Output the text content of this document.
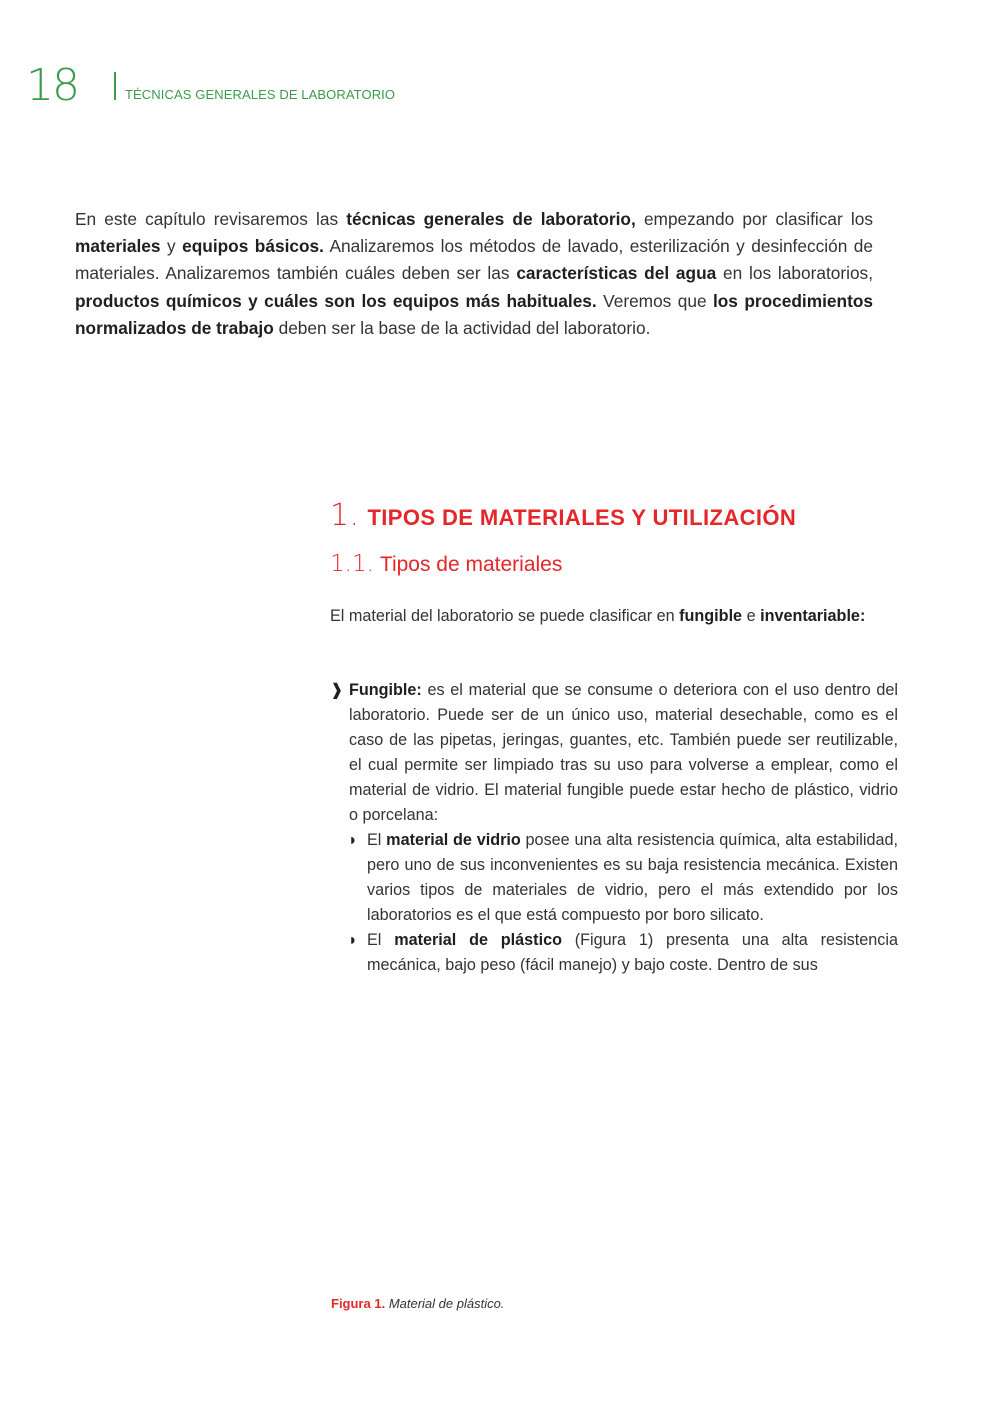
18	TÉCNICAS GENERALES DE LABORATORIO

En este capítulo revisaremos las técnicas generales de laboratorio, empezando por clasificar los materiales y equipos básicos. Analizaremos los métodos de lavado, esterilización y desinfección de materiales. Analizaremos también cuáles deben ser las características del agua en los laboratorios, productos químicos y cuáles son los equipos más habituales. Veremos que los procedimientos normalizados de trabajo deben ser la base de la actividad del laboratorio.

1. TIPOS DE MATERIALES Y UTILIZACIÓN
1.1. Tipos de materiales

El material del laboratorio se puede clasificar en fungible e inventariable:

❱ Fungible: es el material que se consume o deteriora con el uso dentro del laboratorio. Puede ser de un único uso, material desechable, como es el caso de las pipetas, jeringas, guantes, etc. También puede ser reutilizable, el cual permite ser limpiado tras su uso para volverse a emplear, como el material de vidrio. El material fungible puede estar hecho de plástico, vidrio o porcelana:
◗ El material de vidrio posee una alta resistencia química, alta estabilidad, pero uno de sus inconvenientes es su baja resistencia mecánica. Existen varios tipos de materiales de vidrio, pero el más extendido por los laboratorios es el que está compuesto por boro silicato.
◗ El material de plástico (Figura 1) presenta una alta resistencia mecánica, bajo peso (fácil manejo) y bajo coste. Dentro de sus
Figura 1. Material de plástico.
